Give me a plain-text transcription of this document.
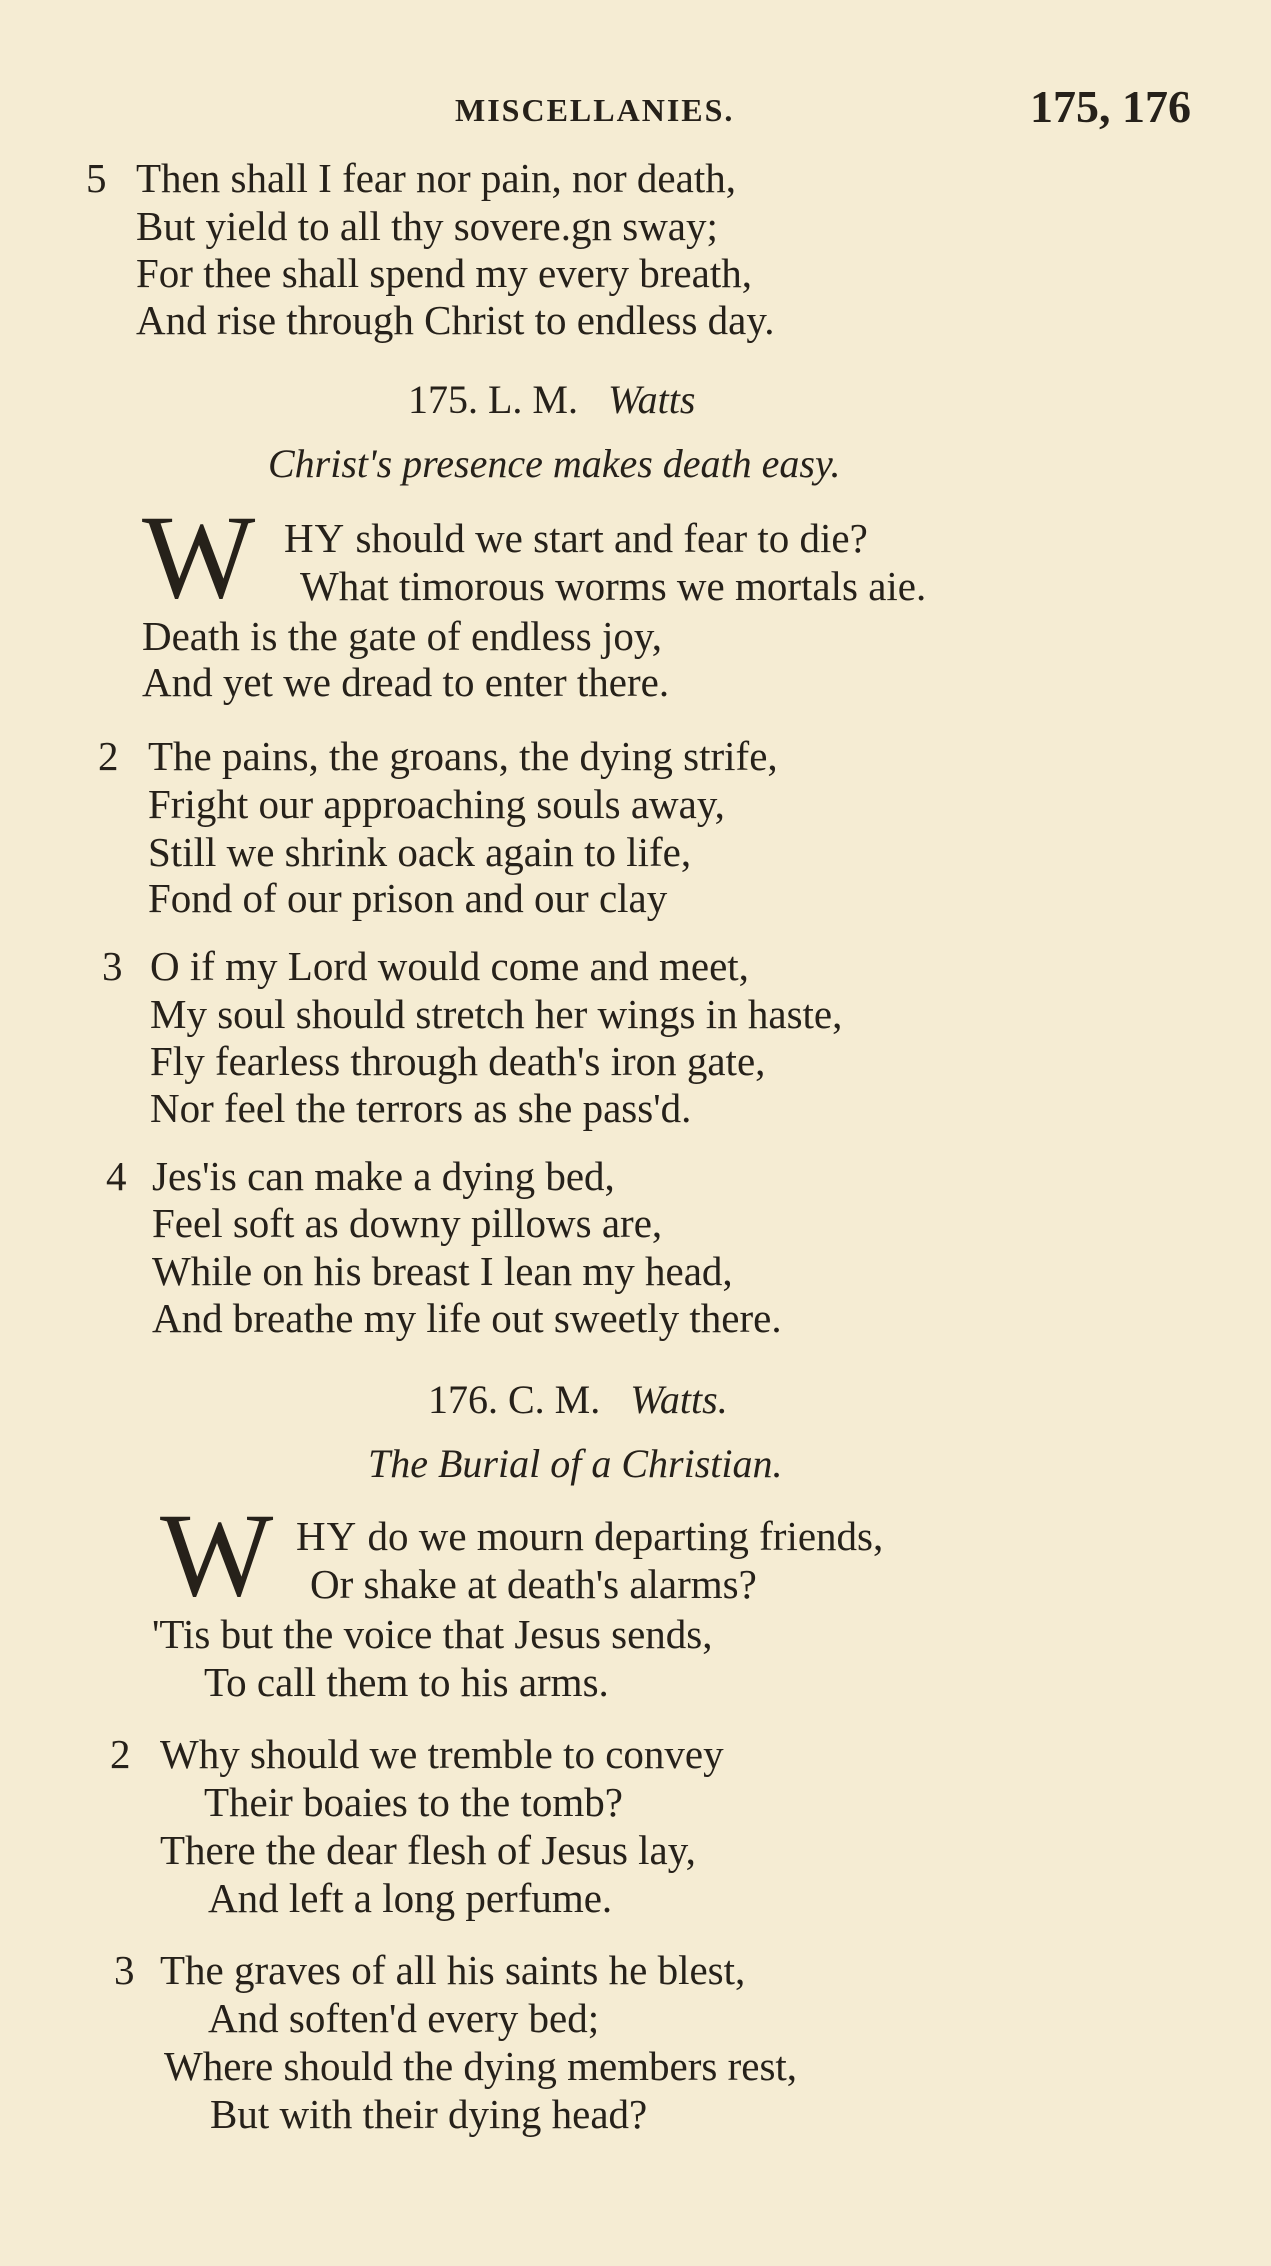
MISCELLANIES.	175, 176
5 Then shall I fear nor pain, nor death,
But yield to all thy sovere.gn sway;
For thee shall spend my every breath,
And rise through Christ to endless day.
175. L. M. Watts
Christ's presence makes death easy.
W HY should we start and fear to die?
What timorous worms we mortals aie.
Death is the gate of endless joy,
And yet we dread to enter there.
2 The pains, the groans, the dying strife,
Fright our approaching souls away,
Still we shrink oack again to life,
Fond of our prison and our clay
3 O if my Lord would come and meet,
My soul should stretch her wings in haste,
Fly fearless through death's iron gate,
Nor feel the terrors as she pass'd.
4 Jes'is can make a dying bed,
Feel soft as downy pillows are,
While on his breast I lean my head,
And breathe my life out sweetly there.
176. C. M. Watts.
The Burial of a Christian.
W HY do we mourn departing friends,
Or shake at death's alarms?
'Tis but the voice that Jesus sends,
To call them to his arms.
2 Why should we tremble to convey
Their boaies to the tomb?
There the dear flesh of Jesus lay,
And left a long perfume.
3 The graves of all his saints he blest,
And soften'd every bed;
Where should the dying members rest,
But with their dying head?
